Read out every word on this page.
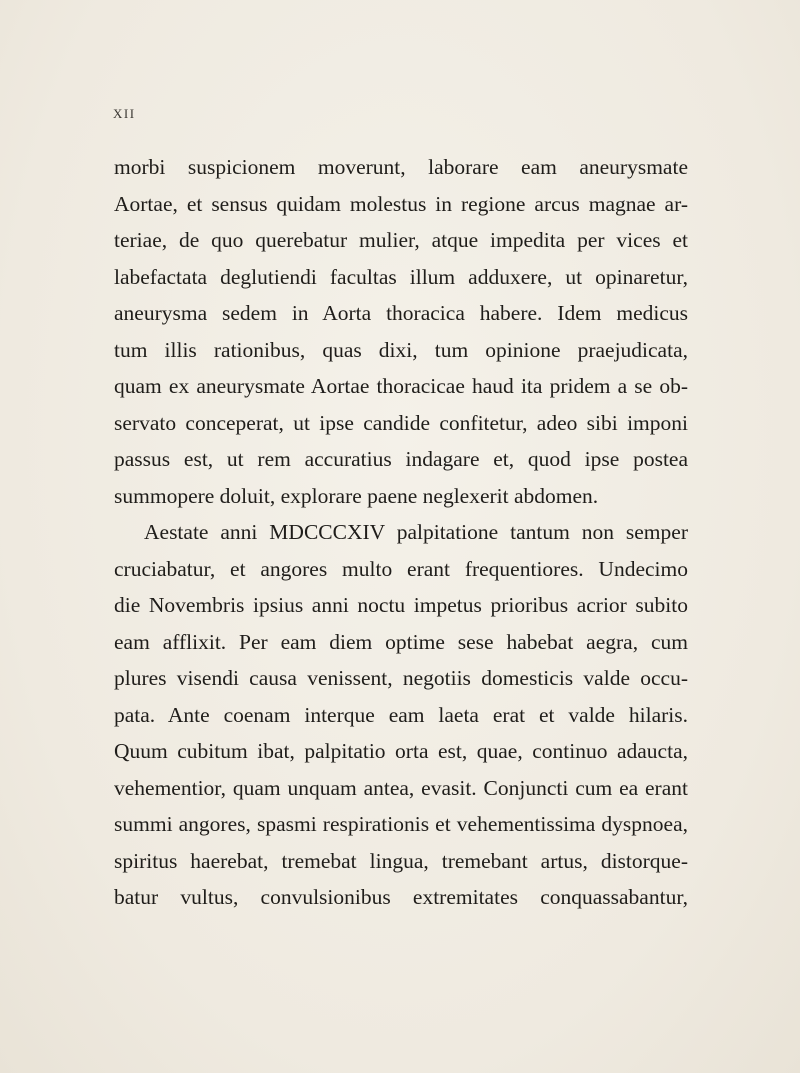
XII

morbi suspicionem moverunt, laborare eam aneurysmate
Aortae, et sensus quidam molestus in regione arcus magnae ar-
teriae, de quo querebatur mulier, atque impedita per vices et
labefactata deglutiendi facultas illum adduxere, ut opinaretur,
aneurysma sedem in Aorta thoracica habere. Idem medicus
tum illis rationibus, quas dixi, tum opinione praejudicata,
quam ex aneurysmate Aortae thoracicae haud ita pridem a se ob-
servato conceperat, ut ipse candide confitetur, adeo sibi imponi
passus est, ut rem accuratius indagare et, quod ipse postea
summopere doluit, explorare paene neglexerit abdomen.

Aestate anni MDCCCXIV palpitatione tantum non semper
cruciabatur, et angores multo erant frequentiores. Undecimo
die Novembris ipsius anni noctu impetus prioribus acrior subito
eam afflixit. Per eam diem optime sese habebat aegra, cum
plures visendi causa venissent, negotiis domesticis valde occu-
pata. Ante coenam interque eam laeta erat et valde hilaris.
Quum cubitum ibat, palpitatio orta est, quae, continuo adaucta,
vehementior, quam unquam antea, evasit. Conjuncti cum ea erant
summi angores, spasmi respirationis et vehementissima dyspnoea,
spiritus haerebat, tremebat lingua, tremebant artus, distorque-
batur vultus, convulsionibus extremitates conquassabantur,
